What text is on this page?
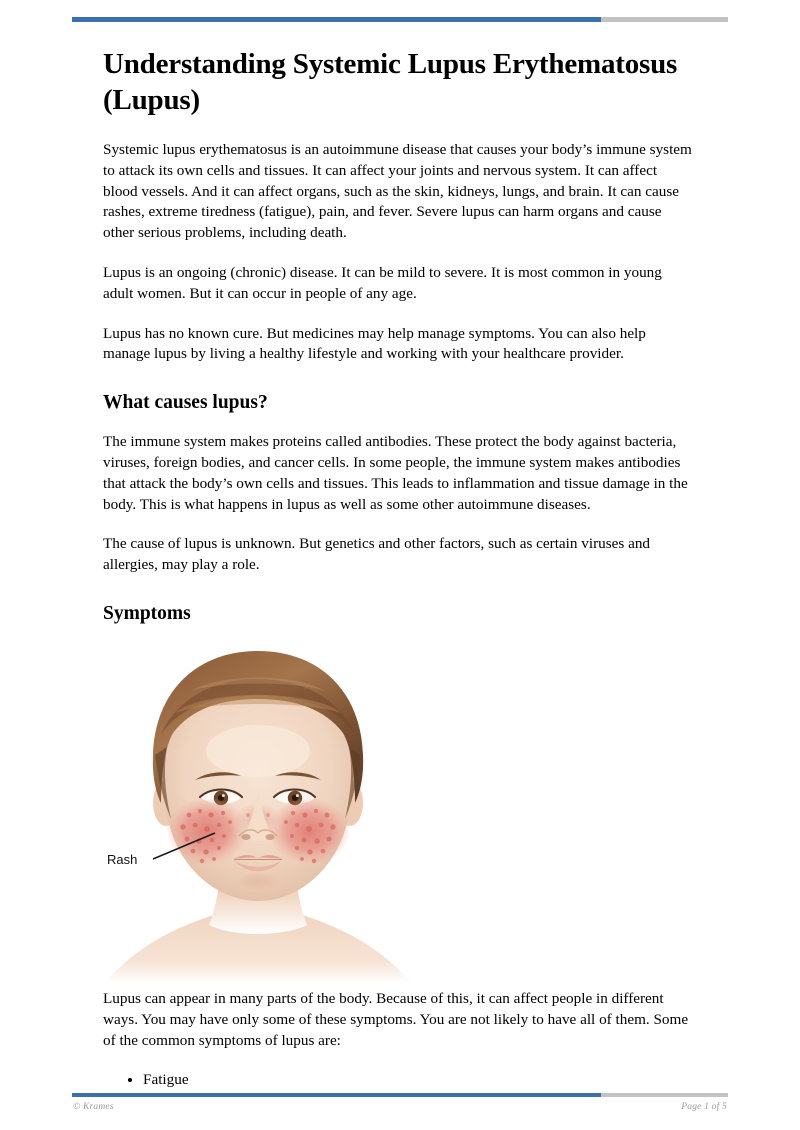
Understanding Systemic Lupus Erythematosus (Lupus)

Systemic lupus erythematosus is an autoimmune disease that causes your body’s immune system to attack its own cells and tissues. It can affect your joints and nervous system. It can affect blood vessels. And it can affect organs, such as the skin, kidneys, lungs, and brain. It can cause rashes, extreme tiredness (fatigue), pain, and fever. Severe lupus can harm organs and cause other serious problems, including death.

Lupus is an ongoing (chronic) disease. It can be mild to severe. It is most common in young adult women. But it can occur in people of any age.

Lupus has no known cure. But medicines may help manage symptoms. You can also help manage lupus by living a healthy lifestyle and working with your healthcare provider.

What causes lupus?

The immune system makes proteins called antibodies. These protect the body against bacteria, viruses, foreign bodies, and cancer cells. In some people, the immune system makes antibodies that attack the body’s own cells and tissues. This leads to inflammation and tissue damage in the body. This is what happens in lupus as well as some other autoimmune diseases.

The cause of lupus is unknown. But genetics and other factors, such as certain viruses and allergies, may play a role.

Symptoms
Rash

Lupus can appear in many parts of the body. Because of this, it can affect people in different ways. You may have only some of these symptoms. You are not likely to have all of them. Some of the common symptoms of lupus are:

• Fatigue
© Krames	Page 1 of 5
